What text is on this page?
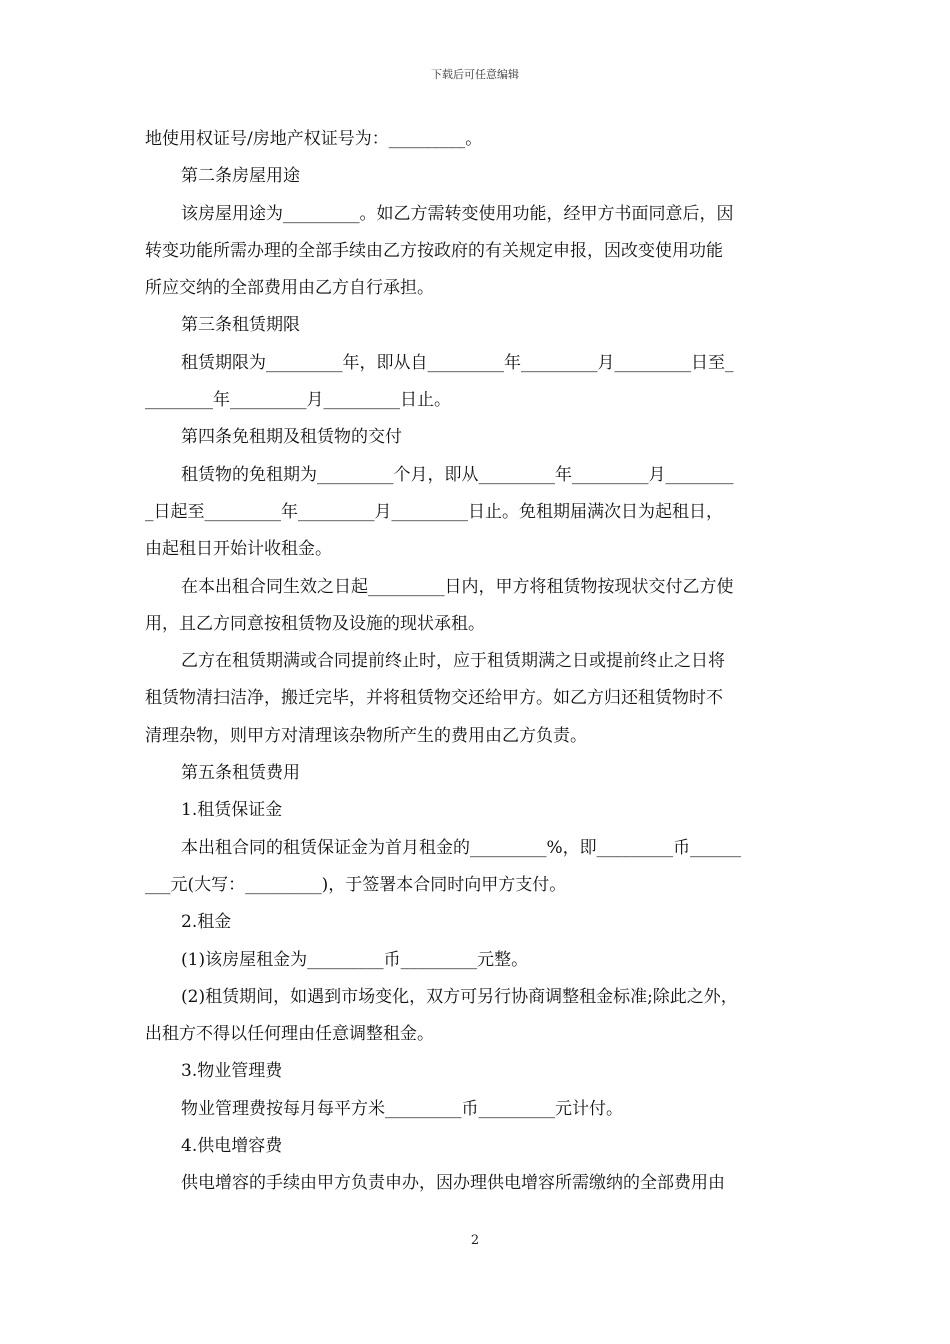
下载后可任意编辑
地使用权证号/房地产权证号为：_________。
第二条房屋用途
该房屋用途为_________。如乙方需转变使用功能，经甲方书面同意后，因
转变功能所需办理的全部手续由乙方按政府的有关规定申报，因改变使用功能
所应交纳的全部费用由乙方自行承担。
第三条租赁期限
租赁期限为_________年，即从自_________年_________月_________日至_
________年_________月_________日止。
第四条免租期及租赁物的交付
租赁物的免租期为_________个月，即从_________年_________月________
_日起至_________年_________月_________日止。免租期届满次日为起租日，
由起租日开始计收租金。
在本出租合同生效之日起_________日内，甲方将租赁物按现状交付乙方使
用，且乙方同意按租赁物及设施的现状承租。
乙方在租赁期满或合同提前终止时，应于租赁期满之日或提前终止之日将
租赁物清扫洁净，搬迁完毕，并将租赁物交还给甲方。如乙方归还租赁物时不
清理杂物，则甲方对清理该杂物所产生的费用由乙方负责。
第五条租赁费用
1.租赁保证金
本出租合同的租赁保证金为首月租金的_________%，即_________币______
___元(大写：_________)，于签署本合同时向甲方支付。
2.租金
(1)该房屋租金为_________币_________元整。
(2)租赁期间，如遇到市场变化，双方可另行协商调整租金标准;除此之外，
出租方不得以任何理由任意调整租金。
3.物业管理费
物业管理费按每月每平方米_________币_________元计付。
4.供电增容费
供电增容的手续由甲方负责申办，因办理供电增容所需缴纳的全部费用由
2
